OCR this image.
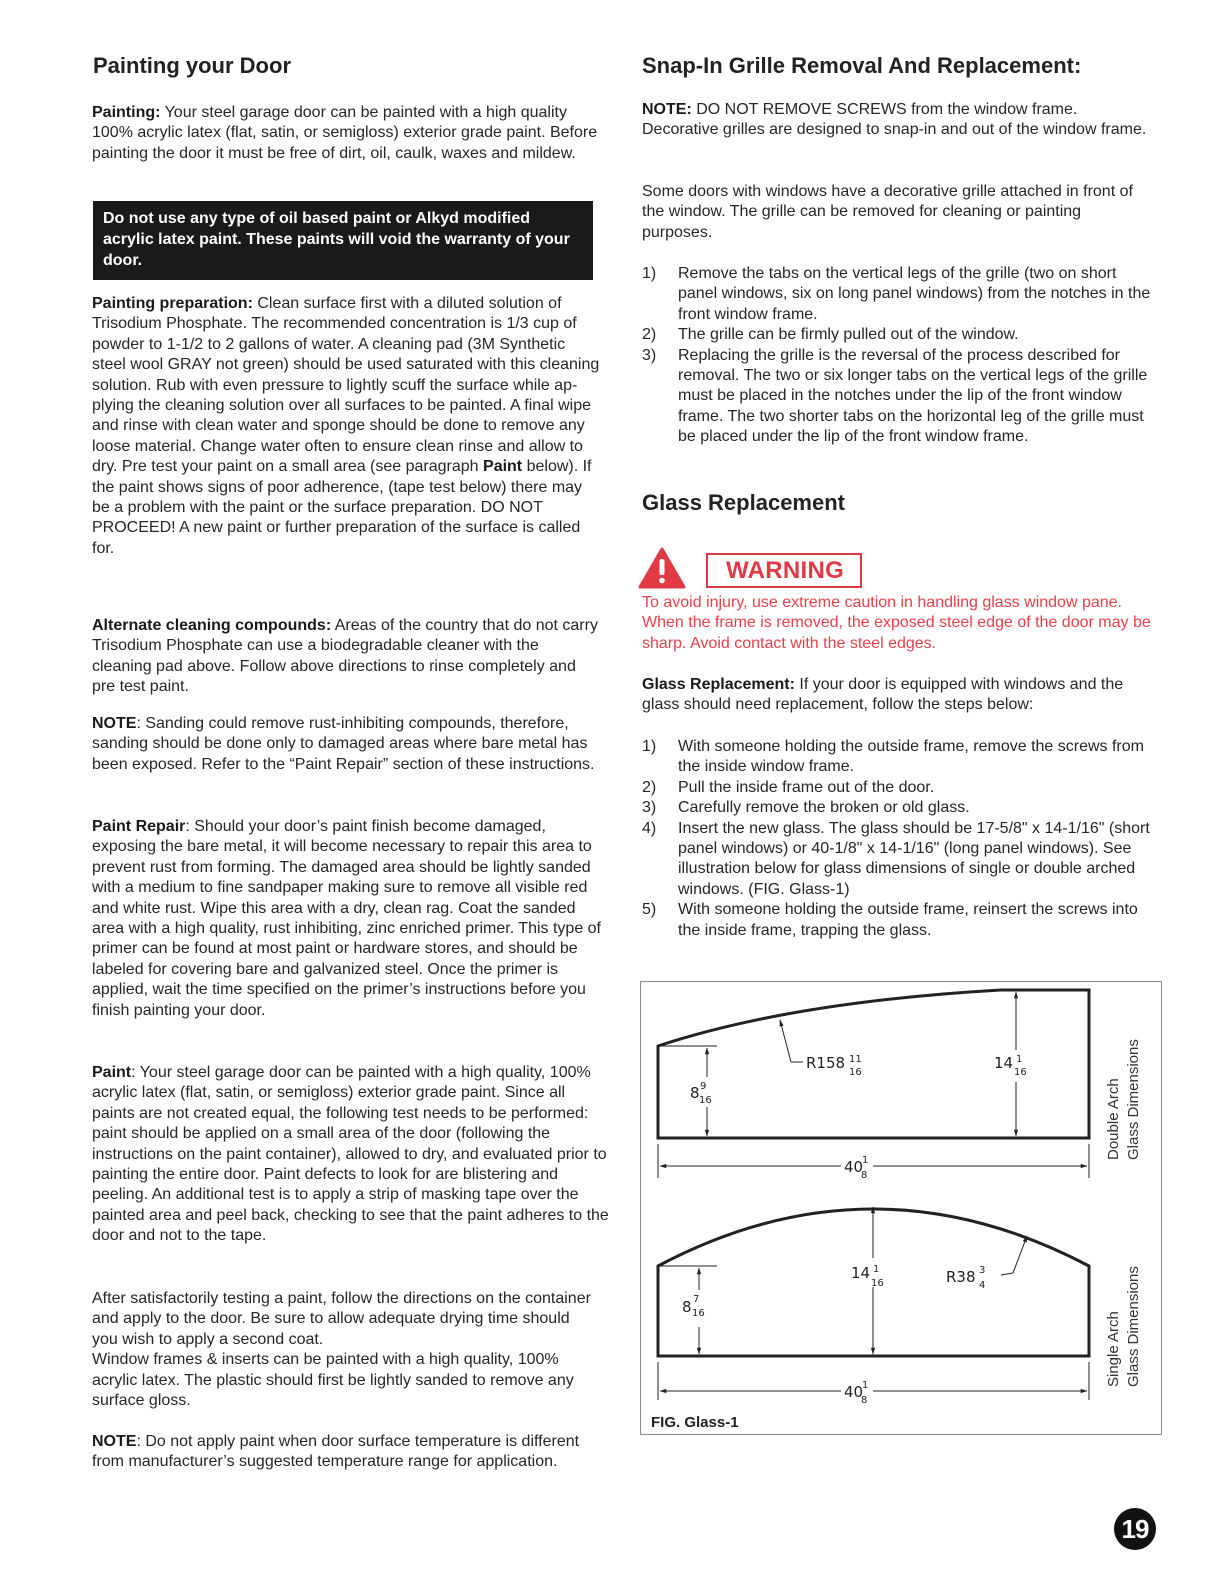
Painting your Door

Painting: Your steel garage door can be painted with a high quality 100% acrylic latex (flat, satin, or semigloss) exterior grade paint. Before painting the door it must be free of dirt, oil, caulk, waxes and mildew.

Do not use any type of oil based paint or Alkyd modified acrylic latex paint. These paints will void the warranty of your door.

Painting preparation: Clean surface first with a diluted solution of Trisodium Phosphate. The recommended concentration is 1/3 cup of powder to 1-1/2 to 2 gallons of water. A cleaning pad (3M Synthetic steel wool GRAY not green) should be used saturated with this cleaning solution. Rub with even pressure to lightly scuff the surface while ap-plying the cleaning solution over all surfaces to be painted. A final wipe and rinse with clean water and sponge should be done to remove any loose material. Change water often to ensure clean rinse and allow to dry. Pre test your paint on a small area (see paragraph Paint below). If the paint shows signs of poor adherence, (tape test below) there may be a problem with the paint or the surface preparation. DO NOT PROCEED! A new paint or further preparation of the surface is called for.

Alternate cleaning compounds: Areas of the country that do not carry Trisodium Phosphate can use a biodegradable cleaner with the cleaning pad above. Follow above directions to rinse completely and pre test paint.

NOTE: Sanding could remove rust-inhibiting compounds, therefore, sanding should be done only to damaged areas where bare metal has been exposed. Refer to the “Paint Repair” section of these instructions.

Paint Repair: Should your door’s paint finish become damaged, exposing the bare metal, it will become necessary to repair this area to prevent rust from forming. The damaged area should be lightly sanded with a medium to fine sandpaper making sure to remove all visible red and white rust. Wipe this area with a dry, clean rag. Coat the sanded area with a high quality, rust inhibiting, zinc enriched primer. This type of primer can be found at most paint or hardware stores, and should be labeled for covering bare and galvanized steel. Once the primer is applied, wait the time specified on the primer’s instructions before you finish painting your door.

Paint: Your steel garage door can be painted with a high quality, 100% acrylic latex (flat, satin, or semigloss) exterior grade paint. Since all paints are not created equal, the following test needs to be performed: paint should be applied on a small area of the door (following the instructions on the paint container), allowed to dry, and evaluated prior to painting the entire door. Paint defects to look for are blistering and peeling. An additional test is to apply a strip of masking tape over the painted area and peel back, checking to see that the paint adheres to the door and not to the tape.

After satisfactorily testing a paint, follow the directions on the container and apply to the door. Be sure to allow adequate drying time should you wish to apply a second coat.
Window frames & inserts can be painted with a high quality, 100% acrylic latex. The plastic should first be lightly sanded to remove any surface gloss.

NOTE: Do not apply paint when door surface temperature is different from manufacturer’s suggested temperature range for application.

Snap-In Grille Removal And Replacement:

NOTE: DO NOT REMOVE SCREWS from the window frame. Decorative grilles are designed to snap-in and out of the window frame.

Some doors with windows have a decorative grille attached in front of the window. The grille can be removed for cleaning or painting purposes.

1)	Remove the tabs on the vertical legs of the grille (two on short panel windows, six on long panel windows) from the notches in the front window frame.
2)	The grille can be firmly pulled out of the window.
3)	Replacing the grille is the reversal of the process described for removal. The two or six longer tabs on the vertical legs of the grille must be placed in the notches under the lip of the front window frame. The two shorter tabs on the horizontal leg of the grille must be placed under the lip of the front window frame.
Glass Replacement
WARNING

To avoid injury, use extreme caution in handling glass window pane. When the frame is removed, the exposed steel edge of the door may be sharp. Avoid contact with the steel edges.

Glass Replacement: If your door is equipped with windows and the glass should need replacement, follow the steps below:

1)	With someone holding the outside frame, remove the screws from the inside window frame.
2)	Pull the inside frame out of the door.
3)	Carefully remove the broken or old glass.
4)	Insert the new glass. The glass should be 17-5/8" x 14-1/16" (short panel windows) or 40-1/8" x 14-1/16" (long panel windows). See illustration below for glass dimensions of single or double arched windows. (FIG. Glass-1)
5)	With someone holding the outside frame, reinsert the screws into the inside frame, trapping the glass.
8 9
16
R158 11
16
14 1
16
40
1
8
8 7
16
14 1
16	R38 3
4
40
1
8
Double Arch Glass Dimensions
Single Arch Glass Dimensions
FIG. Glass-1
19
